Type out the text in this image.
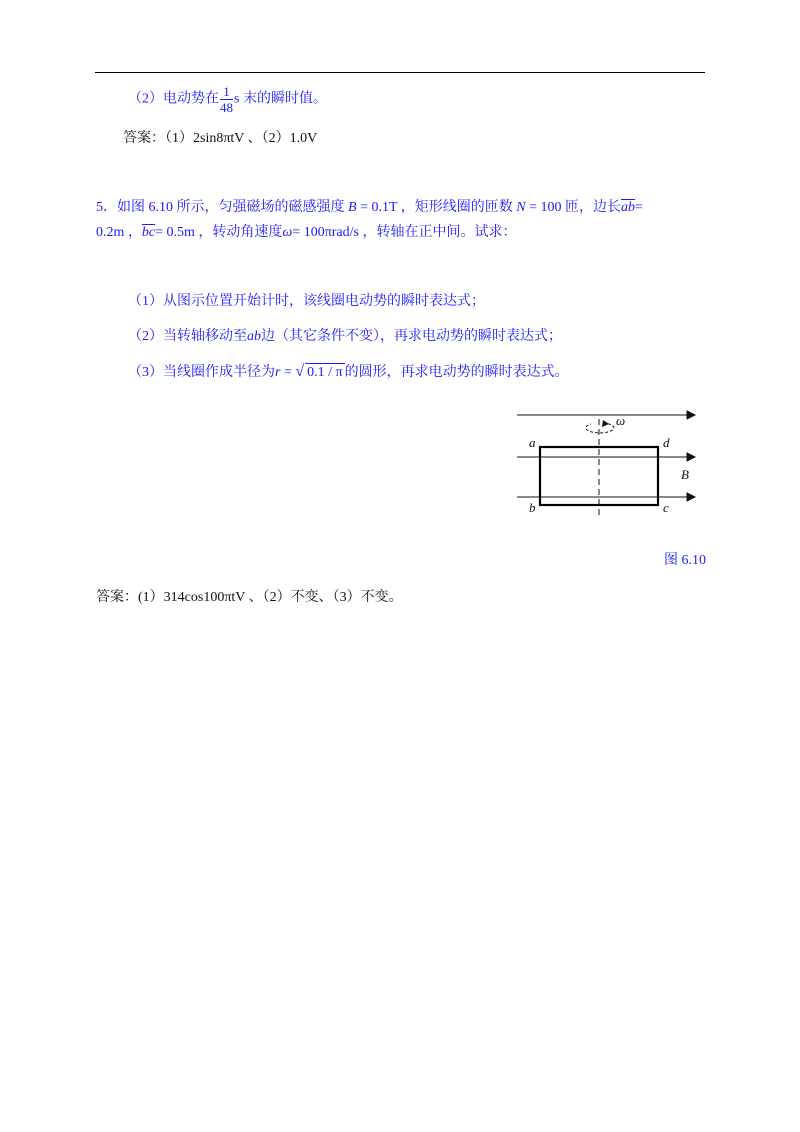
（2）电动势在 $\frac{1}{48}$ s 末的瞬时值。
答案：（1）2sin8πtV 、（2）1.0V
5．如图 6.10 所示，匀强磁场的磁感强度 B = 0.1T ，矩形线圈的匝数 N = 100 匝，边长$\overline{ab}=$
0.2m ，$\overline{bc}= 0.5m$ ，转动角速度ω= 100πrad/s ，转轴在正中间。试求：
（1）从图示位置开始计时，该线圈电动势的瞬时表达式；
（2）当转轴移动至ab边（其它条件不变），再求电动势的瞬时表达式；
（3）当线圈作成半径为r = √ 0.1 / π 的圆形，再求电动势的瞬时表达式。
a	d
b	c
B
ω
图 6.10
答案：(1）314cos100πtV 、（2）不变、（3）不变。
